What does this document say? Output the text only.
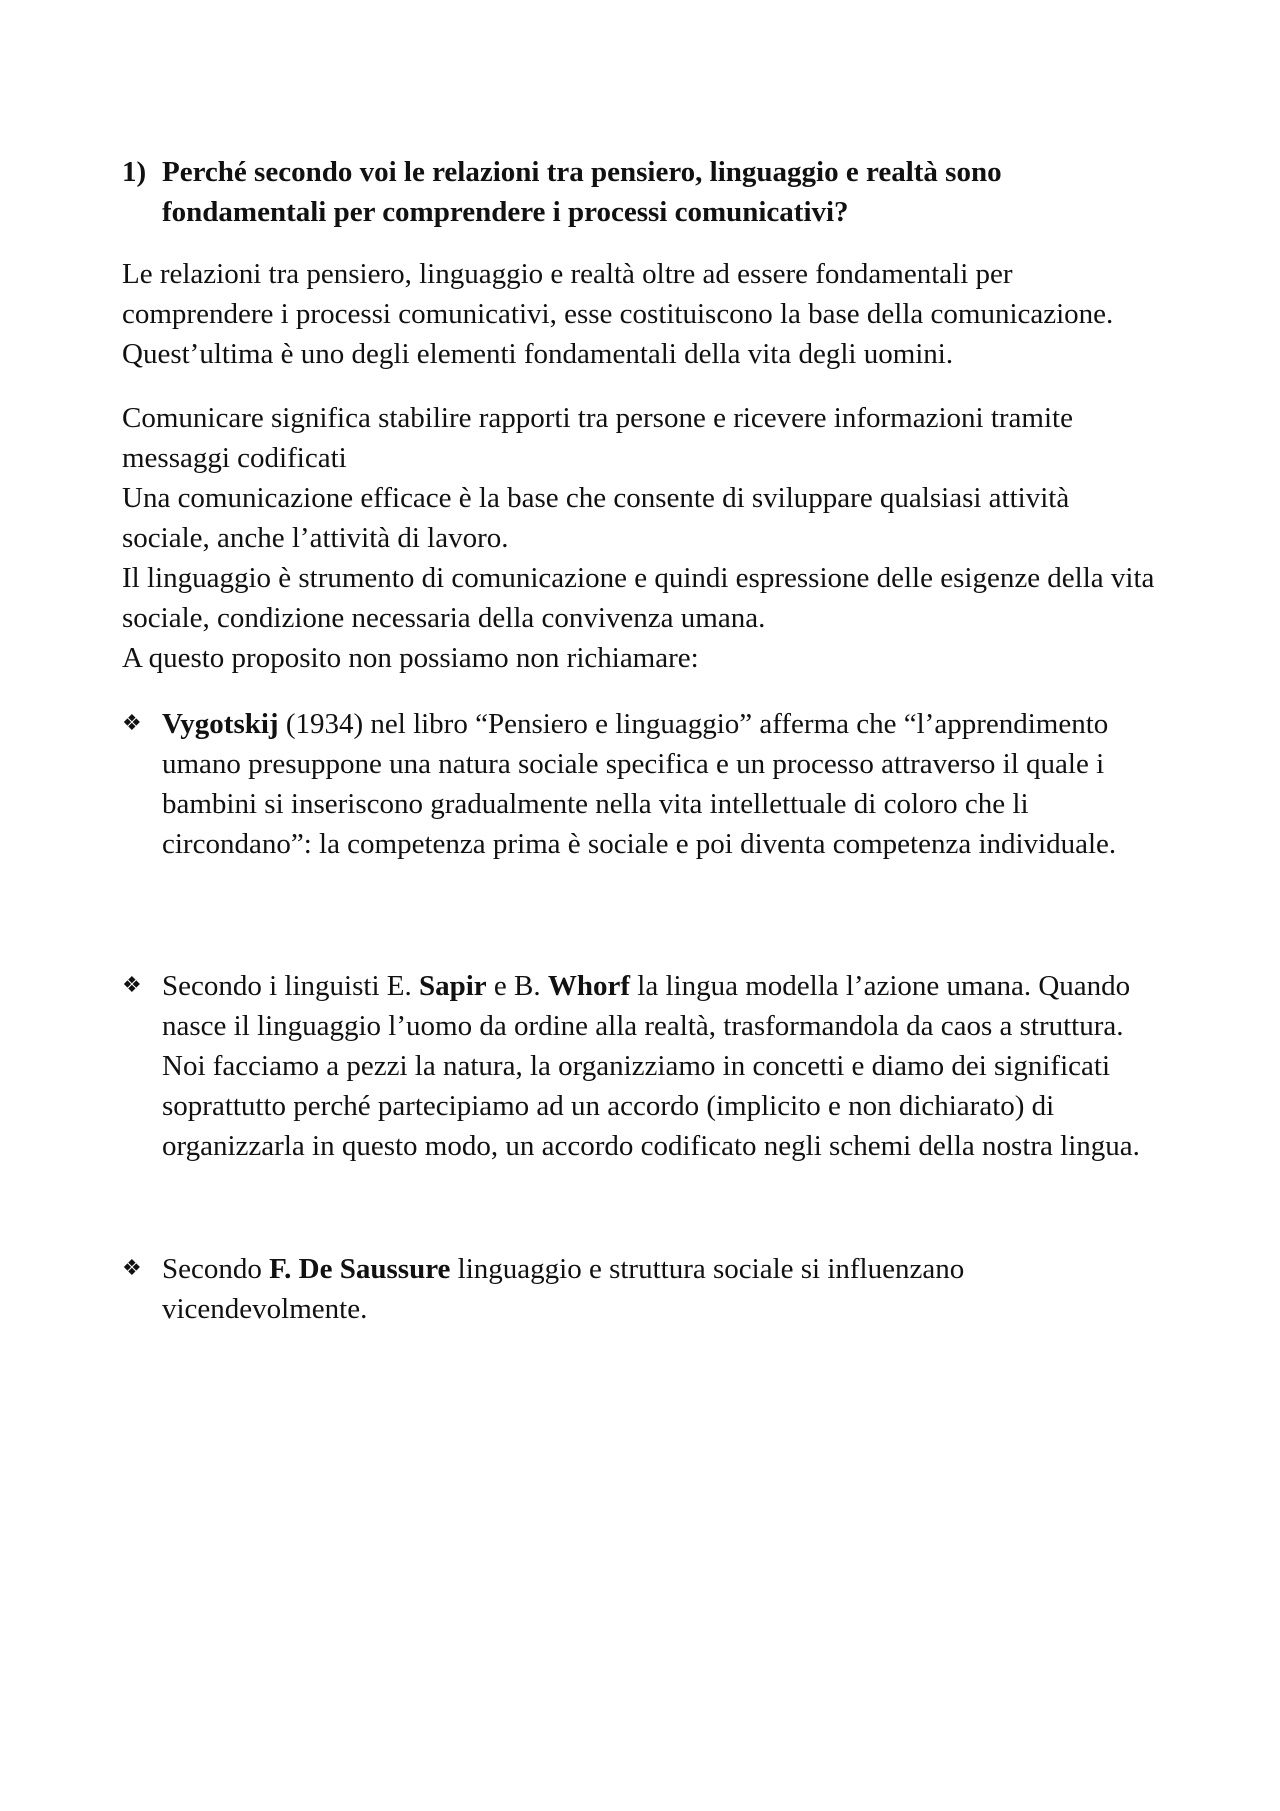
1) Perché secondo voi le relazioni tra pensiero, linguaggio e realtà sono fondamentali per comprendere i processi comunicativi?

Le relazioni tra pensiero, linguaggio e realtà oltre ad essere fondamentali per comprendere i processi comunicativi, esse costituiscono la base della comunicazione. Quest’ultima è uno degli elementi fondamentali della vita degli uomini.

Comunicare significa stabilire rapporti tra persone e ricevere informazioni tramite messaggi codificati

Una comunicazione efficace è la base che consente di sviluppare qualsiasi attività sociale, anche l’attività di lavoro.

Il linguaggio è strumento di comunicazione e quindi espressione delle esigenze della vita sociale, condizione necessaria della convivenza umana.

A questo proposito non possiamo non richiamare:

❖ Vygotskij (1934) nel libro “Pensiero e linguaggio” afferma che “l’apprendimento umano presuppone una natura sociale specifica e un processo attraverso il quale i bambini si inseriscono gradualmente nella vita intellettuale di coloro che li circondano”: la competenza prima è sociale e poi diventa competenza individuale.
❖ Secondo i linguisti E. Sapir e B. Whorf la lingua modella l’azione umana. Quando nasce il linguaggio l’uomo da ordine alla realtà, trasformandola da caos a struttura. Noi facciamo a pezzi la natura, la organizziamo in concetti e diamo dei significati soprattutto perché partecipiamo ad un accordo (implicito e non dichiarato) di organizzarla in questo modo, un accordo codificato negli schemi della nostra lingua.
❖ Secondo F. De Saussure linguaggio e struttura sociale si influenzano vicendevolmente.
